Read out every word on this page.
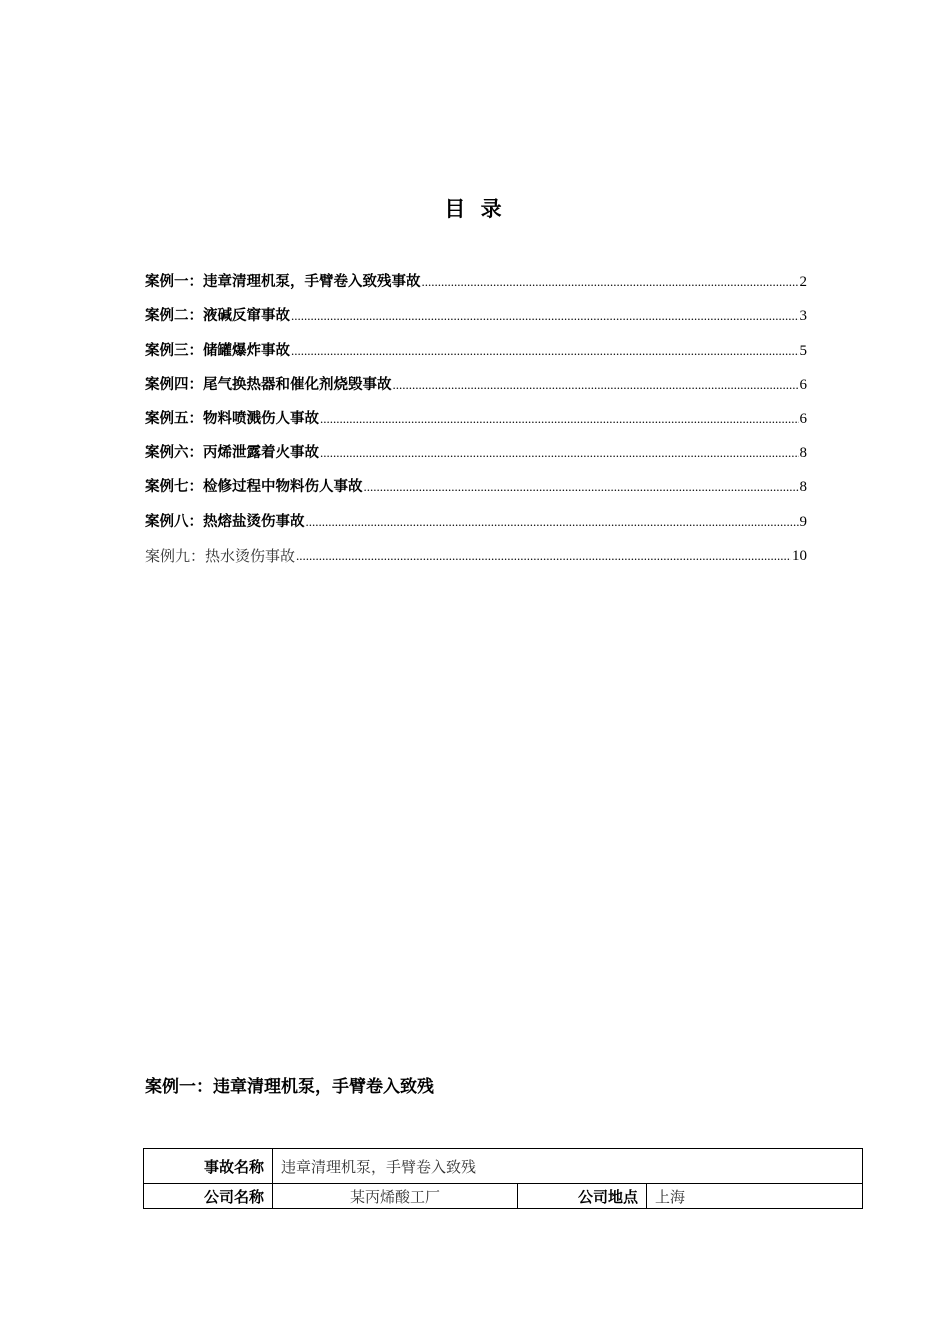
目 录
案例一：违章清理机泵，手臂卷入致残事故 .....	2
案例二：液碱反窜事故 .....	3
案例三：储罐爆炸事故 .....	5
案例四：尾气换热器和催化剂烧毁事故 .....	6
案例五：物料喷溅伤人事故 .....	6
案例六：丙烯泄露着火事故 .....	8
案例七：检修过程中物料伤人事故 .....	8
案例八：热熔盐烫伤事故 .....	9
案例九：热水烫伤事故 .....	10
案例一：违章清理机泵，手臂卷入致残
事故名称	违章清理机泵，手臂卷入致残		
公司名称	某丙烯酸工厂	公司地点	上海
